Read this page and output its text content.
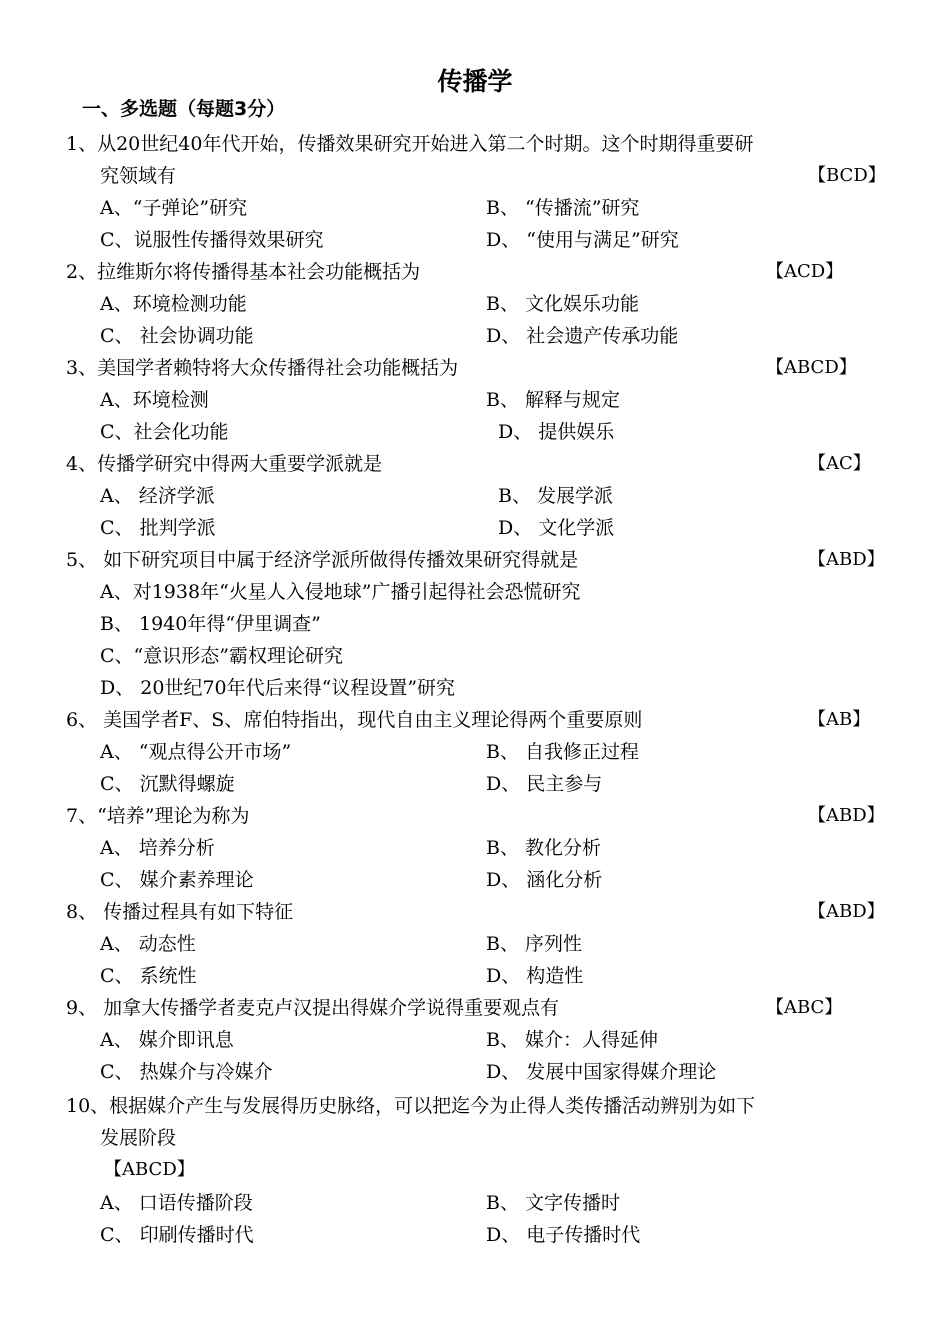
传播学
一、多选题（每题3分）
1、从20世纪40年代开始，传播效果研究开始进入第二个时期。这个时期得重要研
究领域有	【BCD】
A、“子弹论”研究	B、 “传播流”研究
C、说服性传播得效果研究	D、 “使用与满足”研究
2、拉维斯尔将传播得基本社会功能概括为	【ACD】
A、环境检测功能	B、 文化娱乐功能
C、 社会协调功能	D、 社会遗产传承功能
3、美国学者赖特将大众传播得社会功能概括为	【ABCD】
A、环境检测	B、 解释与规定
C、社会化功能	D、 提供娱乐
4、传播学研究中得两大重要学派就是	【AC】
A、 经济学派	B、 发展学派
C、 批判学派	D、 文化学派
5、 如下研究项目中属于经济学派所做得传播效果研究得就是	【ABD】
A、对1938年“火星人入侵地球”广播引起得社会恐慌研究
B、 1940年得“伊里调查”
C、“意识形态”霸权理论研究
D、 20世纪70年代后来得“议程设置”研究
6、 美国学者F、S、席伯特指出，现代自由主义理论得两个重要原则	【AB】
A、 “观点得公开市场”	B、 自我修正过程
C、 沉默得螺旋	D、 民主参与
7、“培养”理论为称为	【ABD】
A、 培养分析	B、 教化分析
C、 媒介素养理论	D、 涵化分析
8、 传播过程具有如下特征	【ABD】
A、 动态性	B、 序列性
C、 系统性	D、 构造性
9、 加拿大传播学者麦克卢汉提出得媒介学说得重要观点有	【ABC】
A、 媒介即讯息	B、 媒介：人得延伸
C、 热媒介与冷媒介	D、 发展中国家得媒介理论
10、根据媒介产生与发展得历史脉络，可以把迄今为止得人类传播活动辨别为如下
发展阶段
【ABCD】
A、 口语传播阶段	B、 文字传播时
C、 印刷传播时代	D、 电子传播时代
